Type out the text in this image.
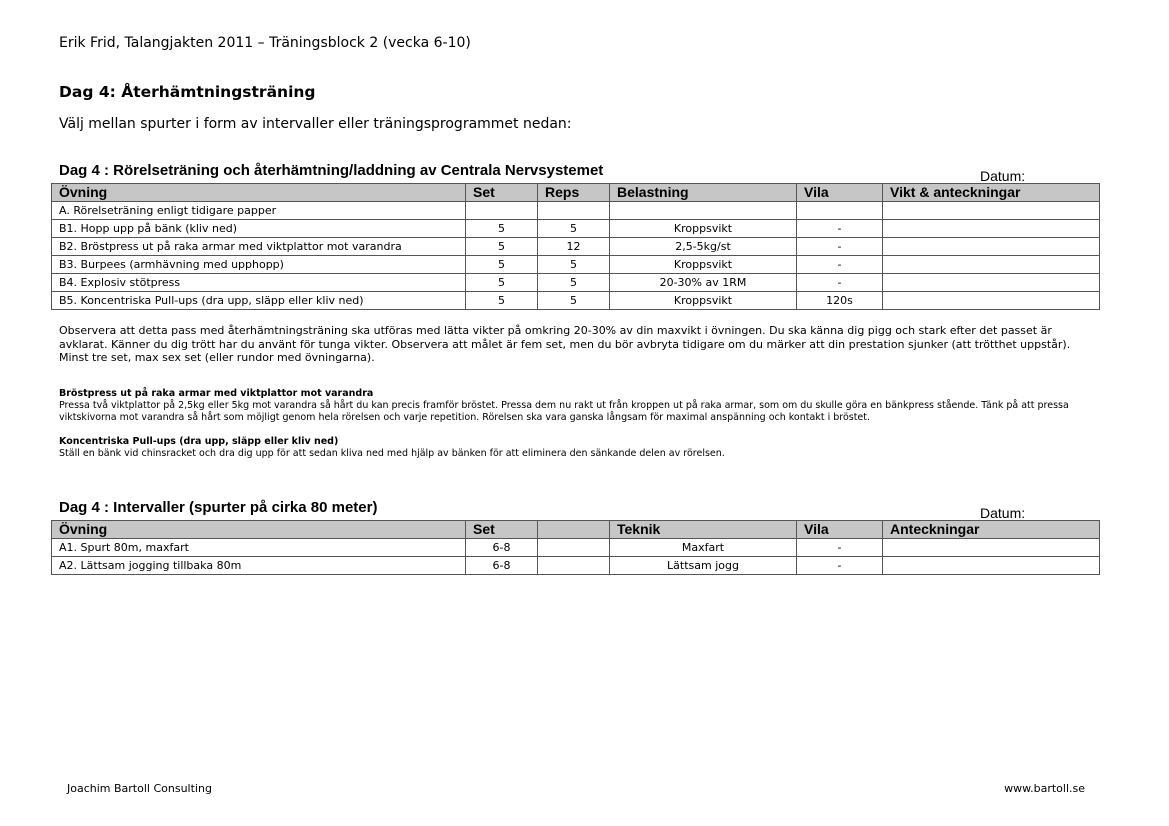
Erik Frid, Talangjakten 2011 – Träningsblock 2 (vecka 6-10)
Dag 4: Återhämtningsträning
Välj mellan spurter i form av intervaller eller träningsprogrammet nedan:
Dag 4 : Rörelseträning och återhämtning/laddning av Centrala Nervsystemet	Datum:________
Övning	Set	Reps	Belastning	Vila	Vikt & anteckningar
A. Rörelseträning enligt tidigare papper					
B1. Hopp upp på bänk (kliv ned)	5	5	Kroppsvikt	-	
B2. Bröstpress ut på raka armar med viktplattor mot varandra	5	12	2,5-5kg/st	-	
B3. Burpees (armhävning med upphopp)	5	5	Kroppsvikt	-	
B4. Explosiv stötpress	5	5	20-30% av 1RM	-	
B5. Koncentriska Pull-ups (dra upp, släpp eller kliv ned)	5	5	Kroppsvikt	120s	
Observera att detta pass med återhämtningsträning ska utföras med lätta vikter på omkring 20-30% av din maxvikt i övningen. Du ska känna dig pigg och stark efter det passet är avklarat. Känner du dig trött har du använt för tunga vikter. Observera att målet är fem set, men du bör avbryta tidigare om du märker att din prestation sjunker (att trötthet uppstår). Minst tre set, max sex set (eller rundor med övningarna).
Bröstpress ut på raka armar med viktplattor mot varandra
Pressa två viktplattor på 2,5kg eller 5kg mot varandra så hårt du kan precis framför bröstet. Pressa dem nu rakt ut från kroppen ut på raka armar, som om du skulle göra en bänkpress stående. Tänk på att pressa viktskivorna mot varandra så hårt som möjligt genom hela rörelsen och varje repetition. Rörelsen ska vara ganska långsam för maximal anspänning och kontakt i bröstet.
Koncentriska Pull-ups (dra upp, släpp eller kliv ned)
Ställ en bänk vid chinsracket och dra dig upp för att sedan kliva ned med hjälp av bänken för att eliminera den sänkande delen av rörelsen.
Dag 4 : Intervaller (spurter på cirka 80 meter)	Datum:________
Övning	Set		Teknik	Vila	Anteckningar
A1. Spurt 80m, maxfart	6-8		Maxfart	-	
A2. Lättsam jogging tillbaka 80m	6-8		Lättsam jogg	-	
Joachim Bartoll Consulting	www.bartoll.se
